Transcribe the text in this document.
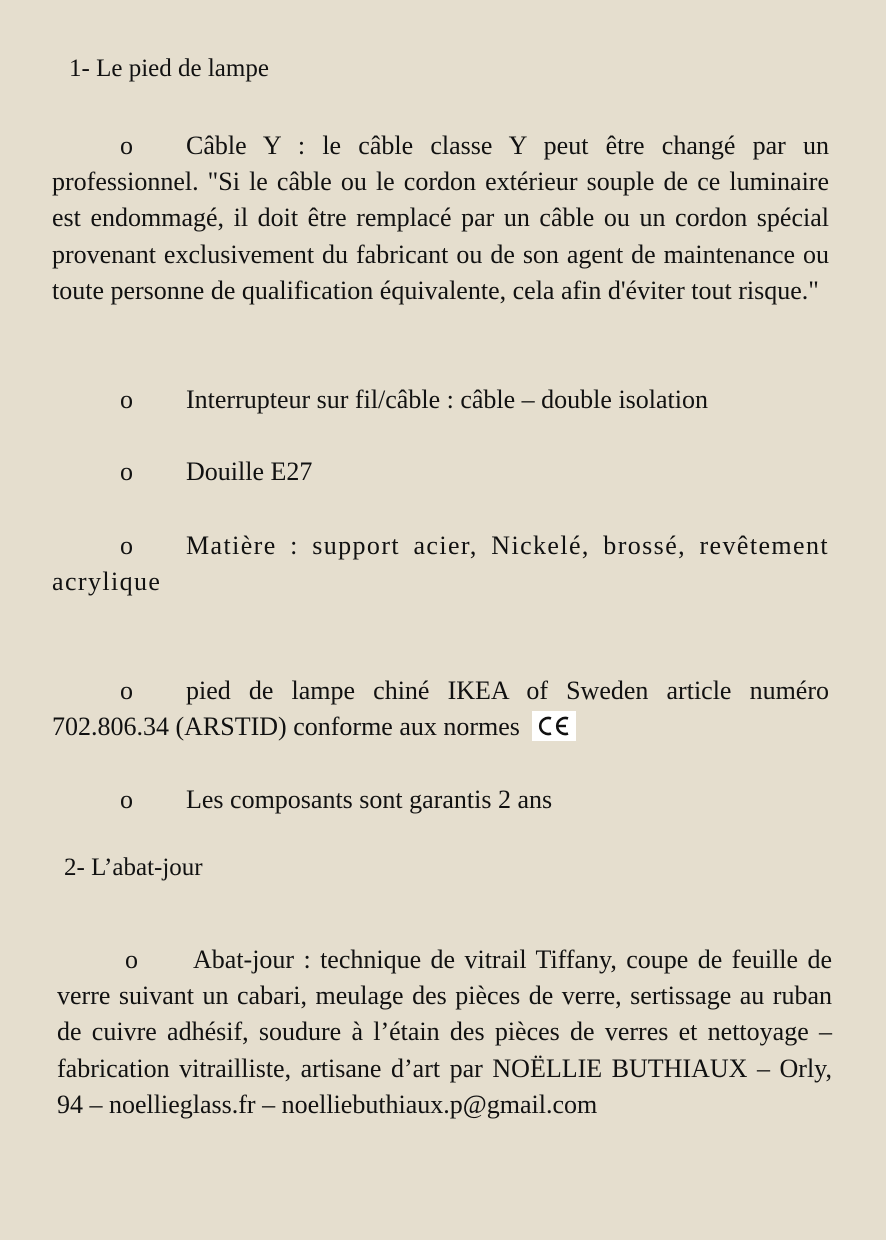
1- Le pied de lampe
o Câble Y : le câble classe Y peut être changé par un professionnel. "Si le câble ou le cordon extérieur souple de ce luminaire est endommagé, il doit être remplacé par un câble ou un cordon spécial provenant exclusivement du fabricant ou de son agent de maintenance ou toute personne de qualification équivalente, cela afin d'éviter tout risque."
o Interrupteur sur fil/câble : câble – double isolation
o Douille E27
o Matière : support acier, Nickelé, brossé, revêtement acrylique
o pied de lampe chiné IKEA of Sweden article numéro 702.806.34 (ARSTID) conforme aux normes
o Les composants sont garantis 2 ans
2- L’abat-jour
o Abat-jour : technique de vitrail Tiffany, coupe de feuille de verre suivant un cabari, meulage des pièces de verre, sertissage au ruban de cuivre adhésif, soudure à l’étain des pièces de verres et nettoyage – fabrication vitrailliste, artisane d’art par NOËLLIE BUTHIAUX – Orly, 94 – noellieglass.fr – noelliebuthiaux.p@gmail.com
